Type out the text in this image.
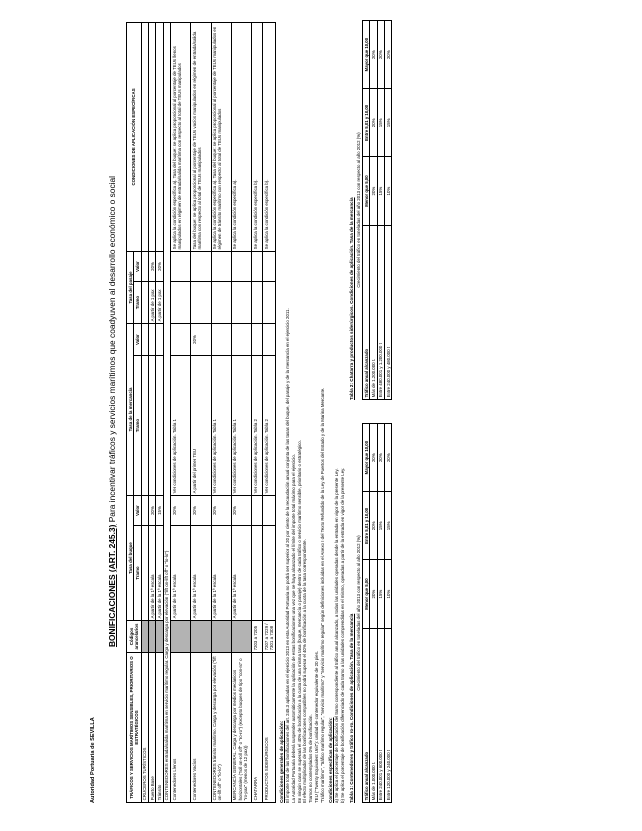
Autoridad Portuaria de SEVILLA
BONIFICACIONES (ART. 245.3) Para incentivar tráficos y servicios marítimos que coadyuven al desarrollo económico o social
TRÁFICOS Y SERVICIOS MARÍTIMOS SENSIBLES, PRIORITARIOS O ESTRATÉGICOS	Códigos arancelarios	Tasa del buque		Tasa de la mercancía		Tasa del pasaje		CONDICIONES DE APLICACIÓN ESPECÍFICAS
		Tramo	Valor	Tramo	Valor	Tramo	Valor	
CRUCEROS TURÍSTICOS								
Puerto Base		A partir de la 1ª escala	20%			A partir de 1 pax	20%	
Tránsito		A partir de la 1ª escala	15%			A partir de 1 pax	20%	
CONTENEDORES entrada/salida marítima en servicio marítimo regular. Carga y descarga por elevación ("lift on-lift off" o "lo-lo")								
Contenedores Llenos		A partir de la 1ª escala	20%	Ver condiciones de aplicación. Tabla 1				Se aplica la condición específica a). Tasa del buque: se aplica proporcional al porcentaje de TEUs llenos manipulados en régimen de entrada/salida marítima con respecto al total de TEUs manipulados
Contenedores Vacíos		A partir de la 1ª escala	20%	A partir del primer TEU	20%			Tasa del buque: se aplica proporcional al porcentaje de TEUs vacíos manipulados en régimen de entrada/salida marítima con respecto al total de TEUs manipulados
CONTENEDORES tránsito marítimo. Carga y descarga por elevación ("lift on-lift off" o "lo-lo")		A partir de la 1ª escala	20%	Ver condiciones de aplicación. Tabla 1				Se aplica la condición específica a). Tasa del buque: se aplica proporcional al porcentaje de TEUs manipulados en régimen de tránsito marítimo con respecto al total de TEUs manipulados
MERCANCÍA GENERAL. Carga y descarga por medios mecánicos horizontales ("roll on-roll off" o "ro-ro") (excepto buques de tipo "con-ro" o "ro-pax" (menos de 12 pax))		A partir de la 1ª escala	20%	Ver condiciones de aplicación. Tabla 1				Se aplica la condición específica a).
CHATARRA	7203 a 7205			Ver condiciones de aplicación. Tabla 2				Se aplica la condición específica b).
PRODUCTOS SIDERÚRGICOS	7207 a 7229 / 7301 a 7308			Ver condiciones de aplicación. Tabla 2				Se aplica la condición específica b).
Condiciones generales de aplicación: El importe total de las bonificaciones del art. 245.3 aplicadas en el ejercicio 2013 en esta Autoridad Portuaria no podrá ser superior al 20 por ciento de la recaudación anual conjunta de las tasas del buque, del pasaje y de la mercancía en el ejercicio 2011. La Autoridad Portuaria deberá suspender automáticamente la aplicación de estas bonificaciones una vez que se haya alcanzado el límite del importe total máximo para el ejercicio. En ningún caso se superará el 40% de bonificación a la cuota de una misma tasa (buque, mercancía o pasaje) dentro de cada tráfico o servicio marítimo sensible, prioritario o estratégico. El efecto multiplicador de las bonificaciones compatibles no podrá superar el 40% de bonificación a la cuota de la tasa correspondiente. Tramos no contemplados 0% de bonificación. TEU ("Twenty Equivalent Unit"): unidad de contenedor equivalente de 20 pies. "Tráfico marítimo", "tráfico marítimo regular", "servicio marítimo" y "servicio marítimo regular" según definiciones incluidas en el Anexo I del Texto Refundido de la Ley de Puertos del Estado y de la Marina Mercante. Condiciones específicas de aplicación: a) Se aplica el porcentaje de bonificación del tramo correspondiente al tráfico anual alcanzado, a todas las unidades operadas desde la entrada en vigor de la presente Ley. b) Se aplica el porcentaje de bonificación diferenciado de cada tramo a las unidades comprendidas en el mismo, operadas a partir de la entrada en vigor de la presente Ley. Tabla 1: Contenedores y tráfico ro-ro. Condiciones de aplicación. Tasa de la mercancía
Crecimiento del tráfico en toneladas del año 2013 con respecto al año 2012 (%)
Tráfico anual alcanzado	Menor que 5,00	Entre 5,01 y 10,00	Mayor que 10,00
Más de 1.000.000 t.	20%	20%	20%
Entre 240.001 y 600.000 t	15%	15%	20%
Entre 120.000 y 240.000 t	10%	15%	20%
Tabla 2: Chatarra y productos siderúrgicos. Condiciones de aplicación. Tasa de la mercancía Crecimiento del tráfico en toneladas del año 2013 con respecto al año 2012 (%)
Tráfico anual alcanzado	Menor que 5,00	Entre 5,01 y 10,00	Mayor que 10,00
Más de 1.200.000 t.	20%	20%	20%
Entre 480.001 y 1.200.000 t	15%	15%	20%
Entre 240.000 y 480.000 t	10%	15%	20%
